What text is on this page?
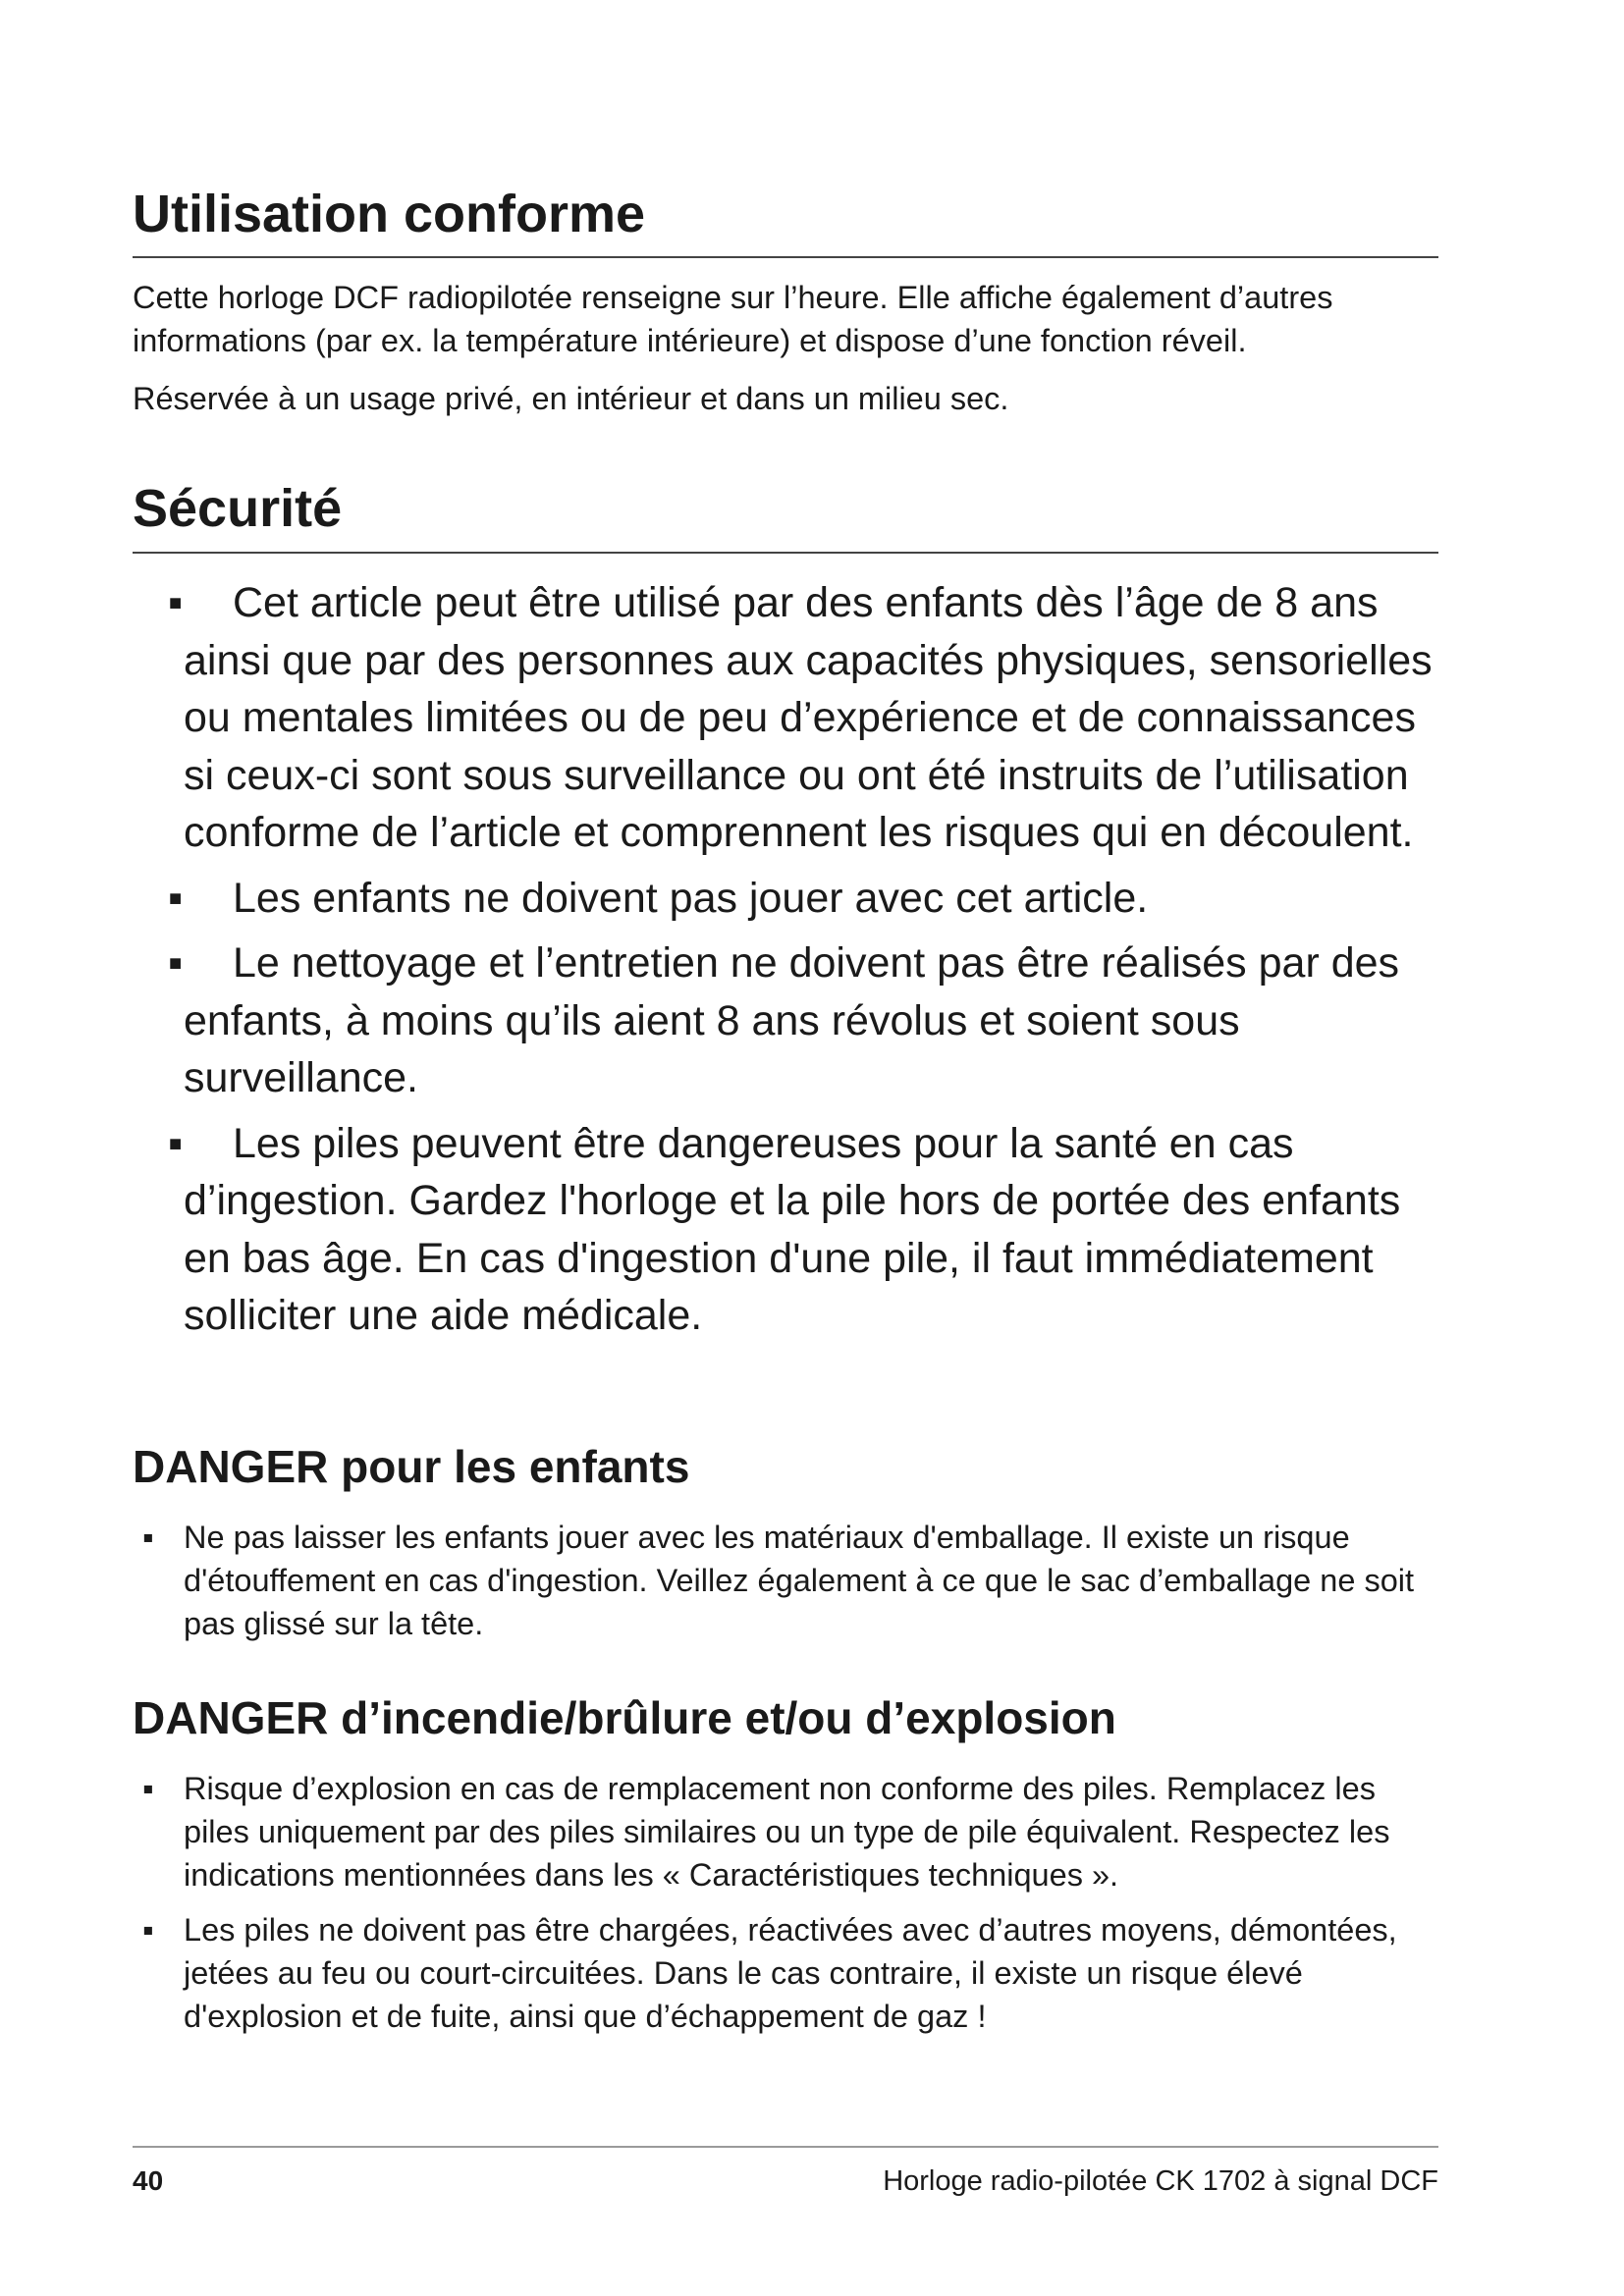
Utilisation conforme

Cette horloge DCF radiopilotée renseigne sur l’heure. Elle affiche également d’autres informations (par ex. la température intérieure) et dispose d’une fonction réveil.

Réservée à un usage privé, en intérieur et dans un milieu sec.

Sécurité
▪ Cet article peut être utilisé par des enfants dès l’âge de 8 ans ainsi que par des personnes aux capacités physiques, sensorielles ou mentales limitées ou de peu d’expérience et de connaissances si ceux-ci sont sous surveillance ou ont été instruits de l’utilisation conforme de l’article et comprennent les risques qui en découlent.
▪ Les enfants ne doivent pas jouer avec cet article.
▪ Le nettoyage et l’entretien ne doivent pas être réalisés par des enfants, à moins qu’ils aient 8 ans révolus et soient sous surveillance.
▪ Les piles peuvent être dangereuses pour la santé en cas d’ingestion. Gardez l'horloge et la pile hors de portée des enfants en bas âge. En cas d'ingestion d'une pile, il faut immédiatement solliciter une aide médicale.
DANGER pour les enfants
▪ Ne pas laisser les enfants jouer avec les matériaux d'emballage. Il existe un risque d'étouffement en cas d'ingestion. Veillez également à ce que le sac d’emballage ne soit pas glissé sur la tête.
DANGER d’incendie/brûlure et/ou d’explosion
▪ Risque d’explosion en cas de remplacement non conforme des piles. Remplacez les piles uniquement par des piles similaires ou un type de pile équivalent. Respectez les indications mentionnées dans les « Caractéristiques techniques ».
▪ Les piles ne doivent pas être chargées, réactivées avec d’autres moyens, démontées, jetées au feu ou court-circuitées. Dans le cas contraire, il existe un risque élevé d'explosion et de fuite, ainsi que d’échappement de gaz !
40	Horloge radio-pilotée CK 1702 à signal DCF
